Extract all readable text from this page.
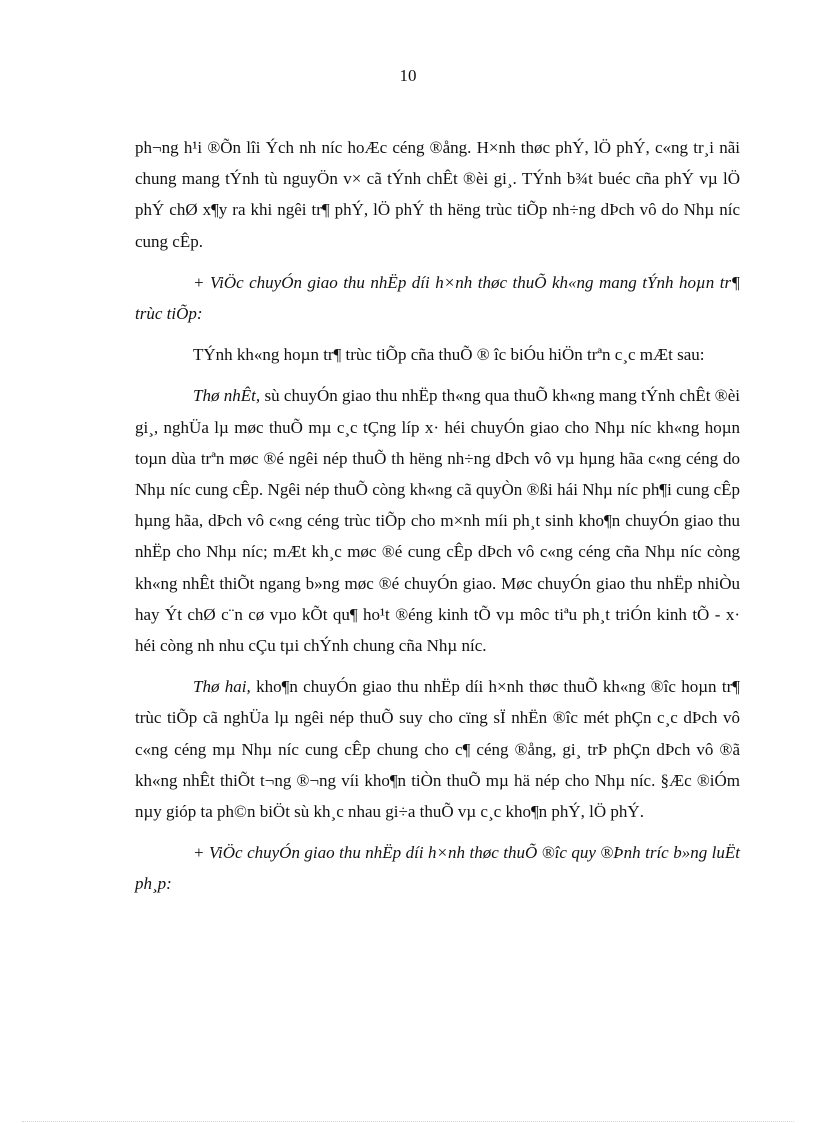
10

ph¬ng h¹i ®Õn lîi Ých nh níc hoÆc céng ®ång. H×nh thøc phÝ, lÖ phÝ, c«ng tr¸i nãi chung mang tÝnh tù nguyÖn v× cã tÝnh chÊt ®èi gi¸. TÝnh b¾t buéc cña phÝ vµ lÖ phÝ chØ x¶y ra khi ngêi tr¶ phÝ, lÖ phÝ th hëng trùc tiÕp nh÷ng dÞch vô do Nhµ níc cung cÊp.

+ ViÖc chuyÓn giao thu nhËp díi h×nh thøc thuÕ kh«ng mang tÝnh hoµn tr¶ trùc tiÕp:

TÝnh kh«ng hoµn tr¶ trùc tiÕp cña thuÕ ® îc biÓu hiÖn trªn c¸c mÆt sau:

Thø nhÊt, sù chuyÓn giao thu nhËp th«ng qua thuÕ kh«ng mang tÝnh chÊt ®èi gi¸, nghÜa lµ møc thuÕ mµ c¸c tÇng líp x· héi chuyÓn giao cho Nhµ níc kh«ng hoµn toµn dùa trªn møc ®é ngêi nép thuÕ th hëng nh÷ng dÞch vô vµ hµng hãa c«ng céng do Nhµ níc cung cÊp. Ngêi nép thuÕ còng kh«ng cã quyÒn ®ßi hái Nhµ níc ph¶i cung cÊp hµng hãa, dÞch vô c«ng céng trùc tiÕp cho m×nh míi ph¸t sinh kho¶n chuyÓn giao thu nhËp cho Nhµ níc; mÆt kh¸c møc ®é cung cÊp dÞch vô c«ng céng cña Nhµ níc còng kh«ng nhÊt thiÕt ngang b»ng møc ®é chuyÓn giao. Møc chuyÓn giao thu nhËp nhiÒu hay Ýt chØ c¨n cø vµo kÕt qu¶ ho¹t ®éng kinh tÕ vµ môc tiªu ph¸t triÓn kinh tÕ - x· héi còng nh nhu cÇu tµi chÝnh chung cña Nhµ níc.

Thø hai, kho¶n chuyÓn giao thu nhËp díi h×nh thøc thuÕ kh«ng ®îc hoµn tr¶ trùc tiÕp cã nghÜa lµ ngêi nép thuÕ suy cho cïng sÏ nhËn ®îc mét phÇn c¸c dÞch vô c«ng céng mµ Nhµ níc cung cÊp chung cho c¶ céng ®ång, gi¸ trÞ phÇn dÞch vô ®ã kh«ng nhÊt thiÕt t¬ng ®¬ng víi kho¶n tiÒn thuÕ mµ hä nép cho Nhµ níc. §Æc ®iÓm nµy gióp ta ph©n biÖt sù kh¸c nhau gi÷a thuÕ vµ c¸c kho¶n phÝ, lÖ phÝ.

+ ViÖc chuyÓn giao thu nhËp díi h×nh thøc thuÕ ®îc quy ®Þnh tríc b»ng luËt ph¸p:
